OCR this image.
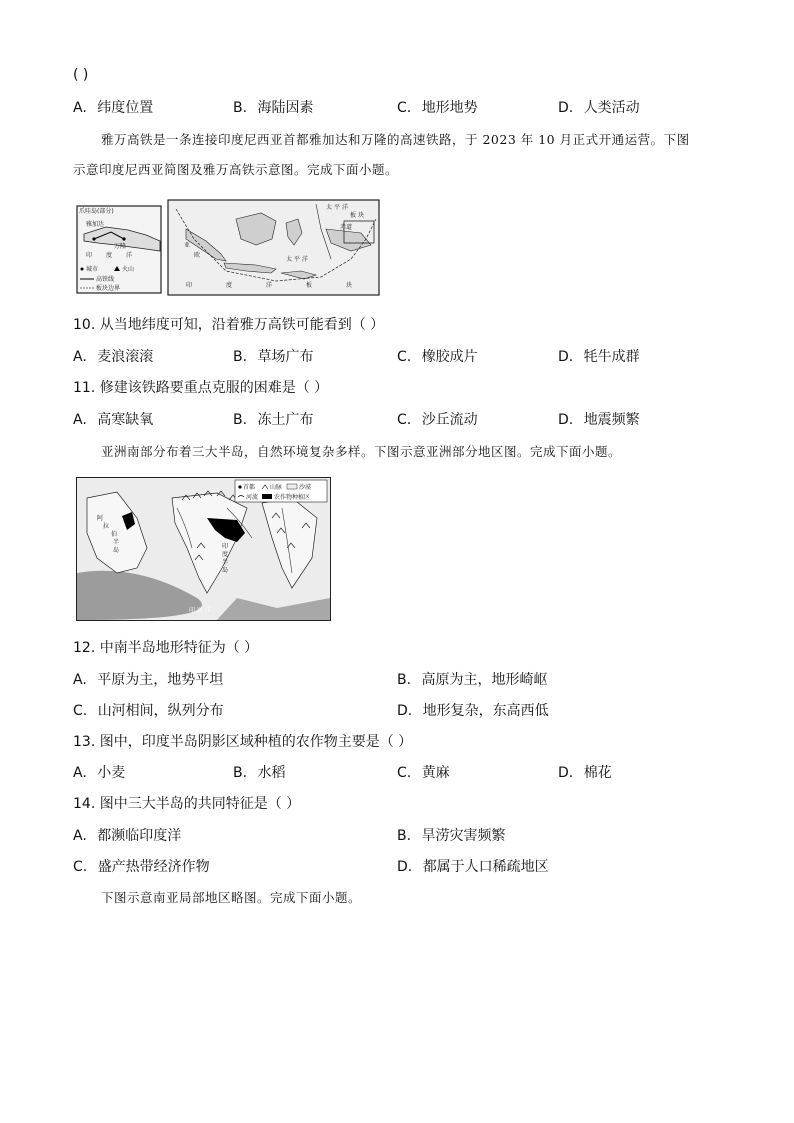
( )
A. 纬度位置	B. 海陆因素	C. 地形地势	D. 人类活动
雅万高铁是一条连接印度尼西亚首都雅加达和万隆的高速铁路，于 2023 年 10 月正式开通运营。下图
示意印度尼西亚简图及雅万高铁示意图。完成下面小题。
爪哇岛(部分)
雅加达
万隆
印 度 洋
城市	火山
高铁线
板块边界
太 平 洋
板 块
亚
欧
印	度	洋	板	块
太 平 洋
赤道
10. 从当地纬度可知，沿着雅万高铁可能看到（ ）
A. 麦浪滚滚	B. 草场广布	C. 橡胶成片	D. 牦牛成群
11. 修建该铁路要重点克服的困难是（ ）
A. 高寒缺氧	B. 冻土广布	C. 沙丘流动	D. 地震频繁
亚洲南部分布着三大半岛，自然环境复杂多样。下图示意亚洲部分地区图。完成下面小题。
首都 山脉	沙漠
河流	农作物种植区
阿
拉
伯
半
岛
印
度
半
岛
印 度 洋
12. 中南半岛地形特征为（ ）
A. 平原为主，地势平坦	B. 高原为主，地形崎岖
C. 山河相间，纵列分布	D. 地形复杂，东高西低
13. 图中，印度半岛阴影区域种植的农作物主要是（ ）
A. 小麦	B. 水稻	C. 黄麻	D. 棉花
14. 图中三大半岛的共同特征是（ ）
A. 都濒临印度洋	B. 旱涝灾害频繁
C. 盛产热带经济作物	D. 都属于人口稀疏地区
下图示意南亚局部地区略图。完成下面小题。
